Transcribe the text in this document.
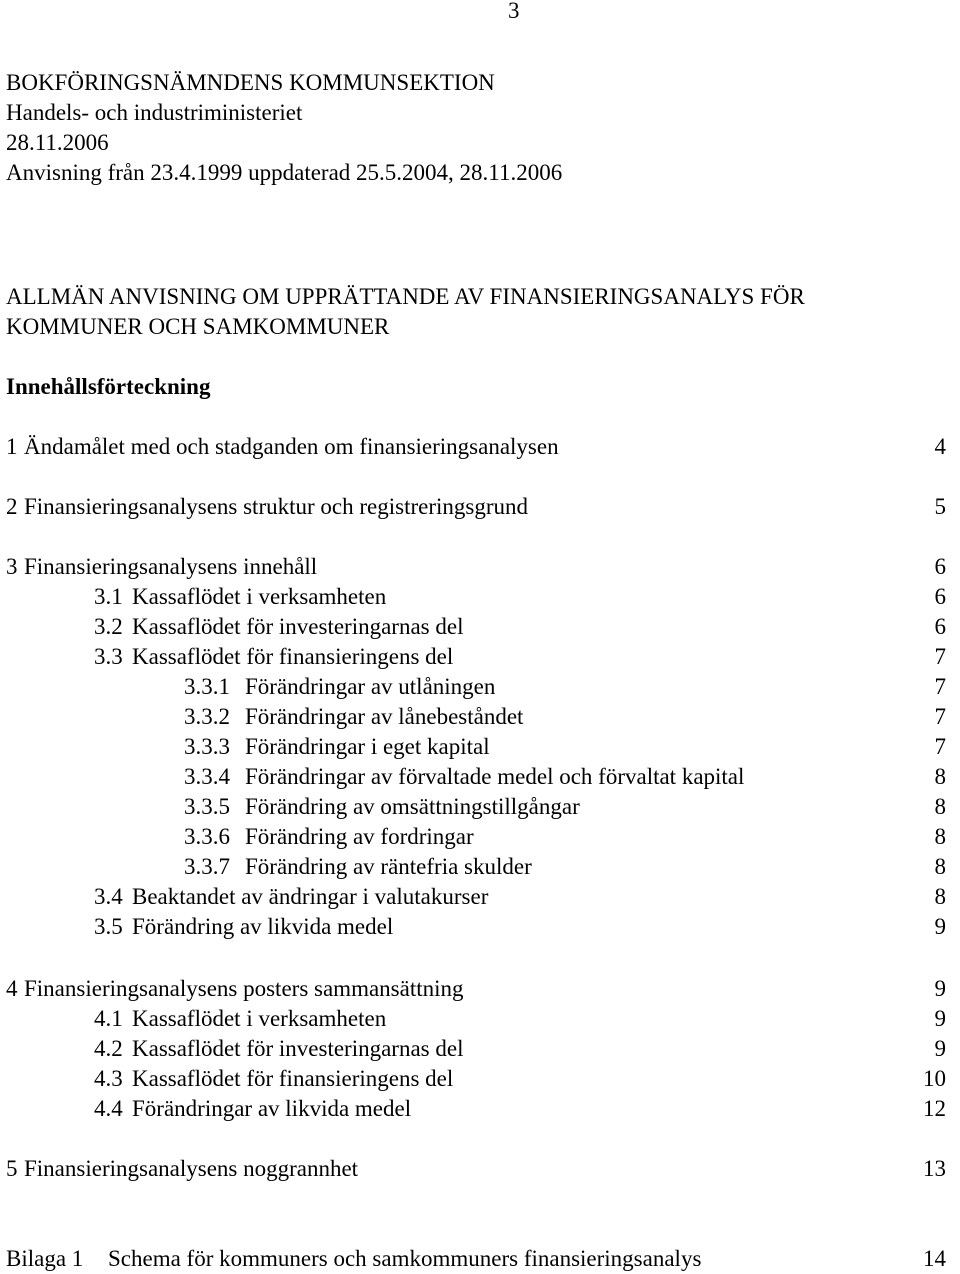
3
BOKFÖRINGSNÄMNDENS KOMMUNSEKTION
Handels- och industriministeriet
28.11.2006
Anvisning från 23.4.1999 uppdaterad 25.5.2004, 28.11.2006
ALLMÄN ANVISNING OM UPPRÄTTANDE AV FINANSIERINGSANALYS FÖR
KOMMUNER OCH SAMKOMMUNER
Innehållsförteckning
1 Ändamålet med och stadganden om finansieringsanalysen	4
2 Finansieringsanalysens struktur och registreringsgrund	5
3 Finansieringsanalysens innehåll	6
3.1 Kassaflödet i verksamheten	6
3.2 Kassaflödet för investeringarnas del	6
3.3 Kassaflödet för finansieringens del	7
3.3.1 Förändringar av utlåningen	7
3.3.2 Förändringar av lånebeståndet	7
3.3.3 Förändringar i eget kapital	7
3.3.4 Förändringar av förvaltade medel och förvaltat kapital	8
3.3.5 Förändring av omsättningstillgångar	8
3.3.6 Förändring av fordringar	8
3.3.7 Förändring av räntefria skulder	8
3.4 Beaktandet av ändringar i valutakurser	8
3.5 Förändring av likvida medel	9
4 Finansieringsanalysens posters sammansättning	9
4.1 Kassaflödet i verksamheten	9
4.2 Kassaflödet för investeringarnas del	9
4.3 Kassaflödet för finansieringens del	10
4.4 Förändringar av likvida medel	12
5 Finansieringsanalysens noggrannhet	13
Bilaga 1 Schema för kommuners och samkommuners finansieringsanalys	14
